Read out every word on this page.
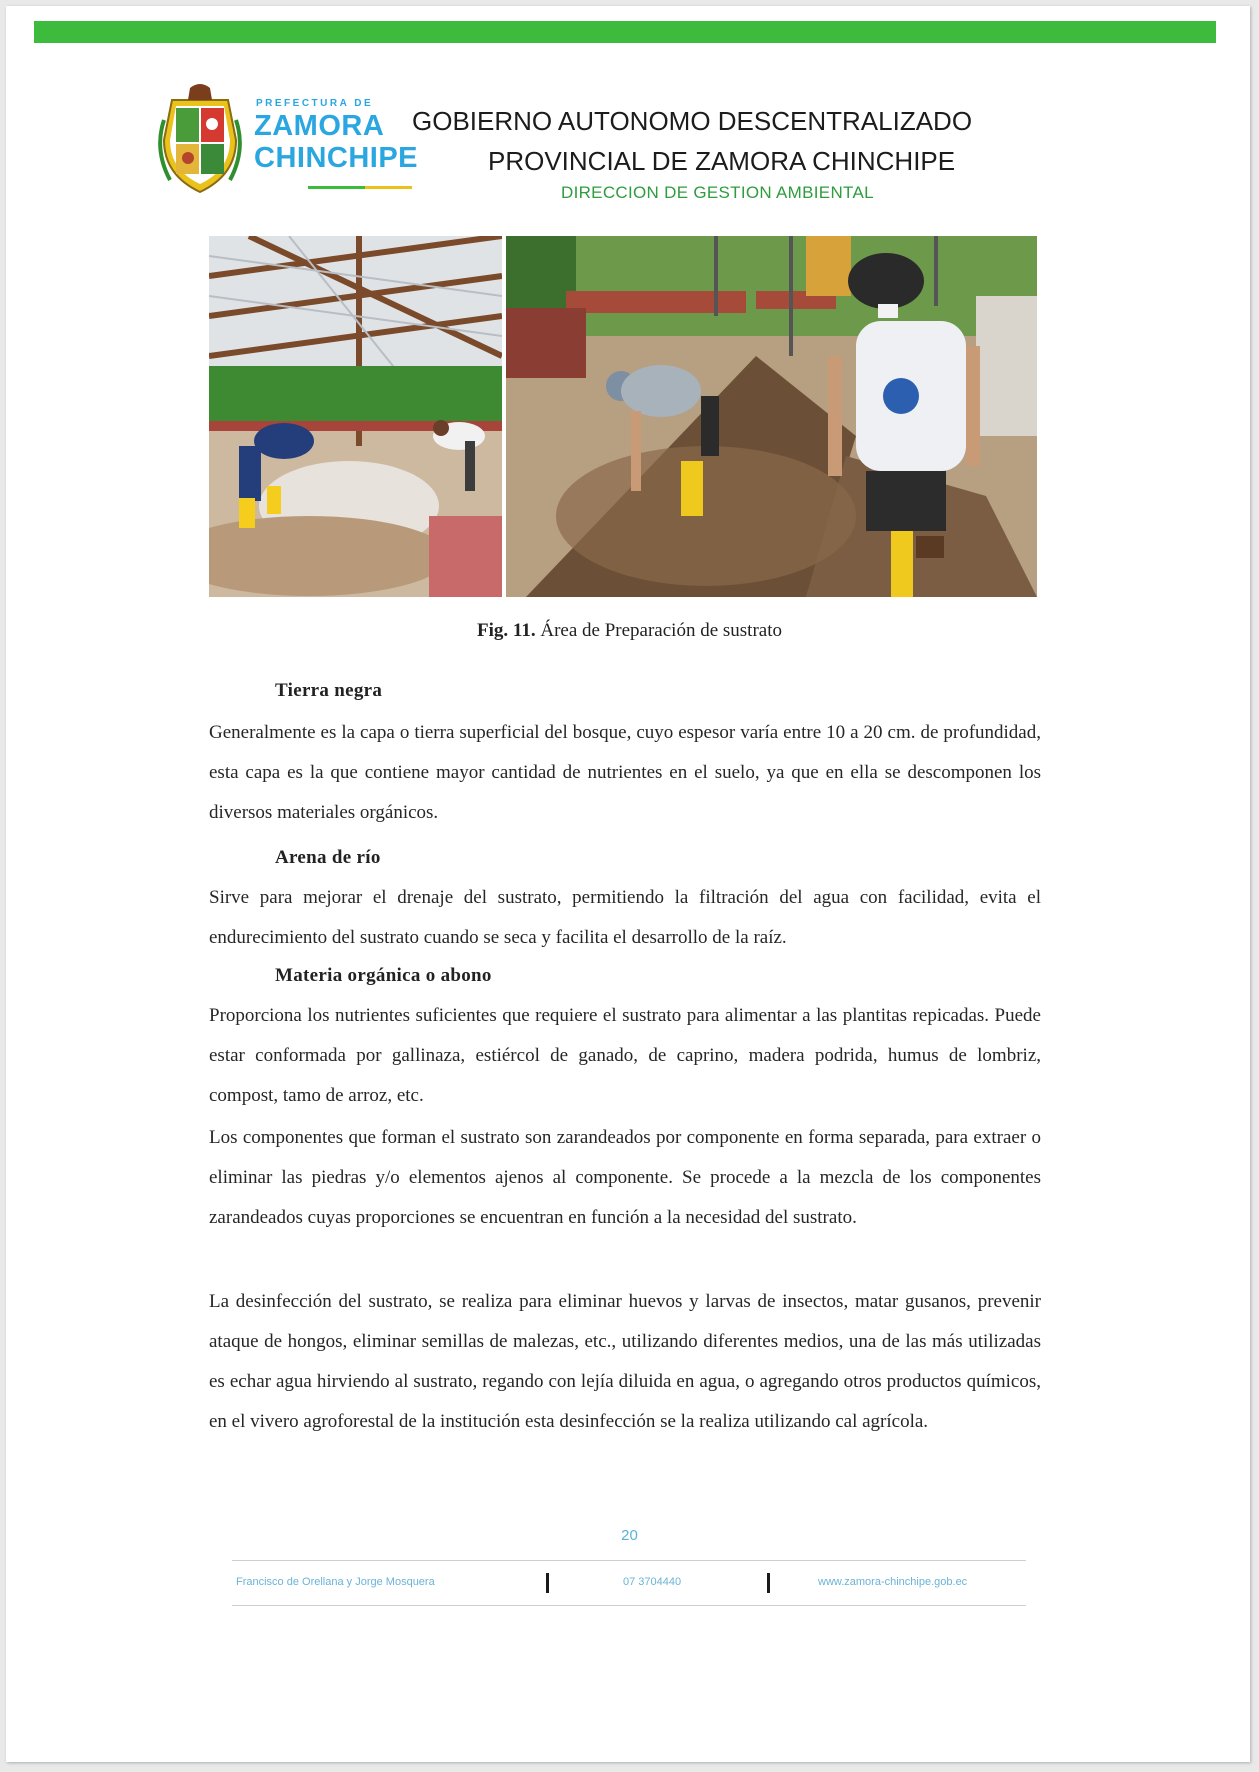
PREFECTURA DE
ZAMORA
CHINCHIPE
GOBIERNO AUTONOMO DESCENTRALIZADO
PROVINCIAL DE ZAMORA CHINCHIPE
DIRECCION DE GESTION AMBIENTAL
Fig. 11. Área de Preparación de sustrato
Tierra negra
Generalmente es la capa o tierra superficial del bosque, cuyo espesor varía entre 10 a 20 cm. de profundidad, esta capa es la que contiene mayor cantidad de nutrientes en el suelo, ya que en ella se descomponen los diversos materiales orgánicos.
Arena de río
Sirve para mejorar el drenaje del sustrato, permitiendo la filtración del agua con facilidad, evita el endurecimiento del sustrato cuando se seca y facilita el desarrollo de la raíz.
Materia orgánica o abono
Proporciona los nutrientes suficientes que requiere el sustrato para alimentar a las plantitas repicadas. Puede estar conformada por gallinaza, estiércol de ganado, de caprino, madera podrida, humus de lombriz, compost, tamo de arroz, etc.
Los componentes que forman el sustrato son zarandeados por componente en forma separada, para extraer o eliminar las piedras y/o elementos ajenos al componente. Se procede a la mezcla de los componentes zarandeados cuyas proporciones se encuentran en función a la necesidad del sustrato.
La desinfección del sustrato, se realiza para eliminar huevos y larvas de insectos, matar gusanos, prevenir ataque de hongos, eliminar semillas de malezas, etc., utilizando diferentes medios, una de las más utilizadas es echar agua hirviendo al sustrato, regando con lejía diluida en agua, o agregando otros productos químicos, en el vivero agroforestal de la institución esta desinfección se la realiza utilizando cal agrícola.
20
Francisco de Orellana y Jorge Mosquera	07 3704440	www.zamora-chinchipe.gob.ec
